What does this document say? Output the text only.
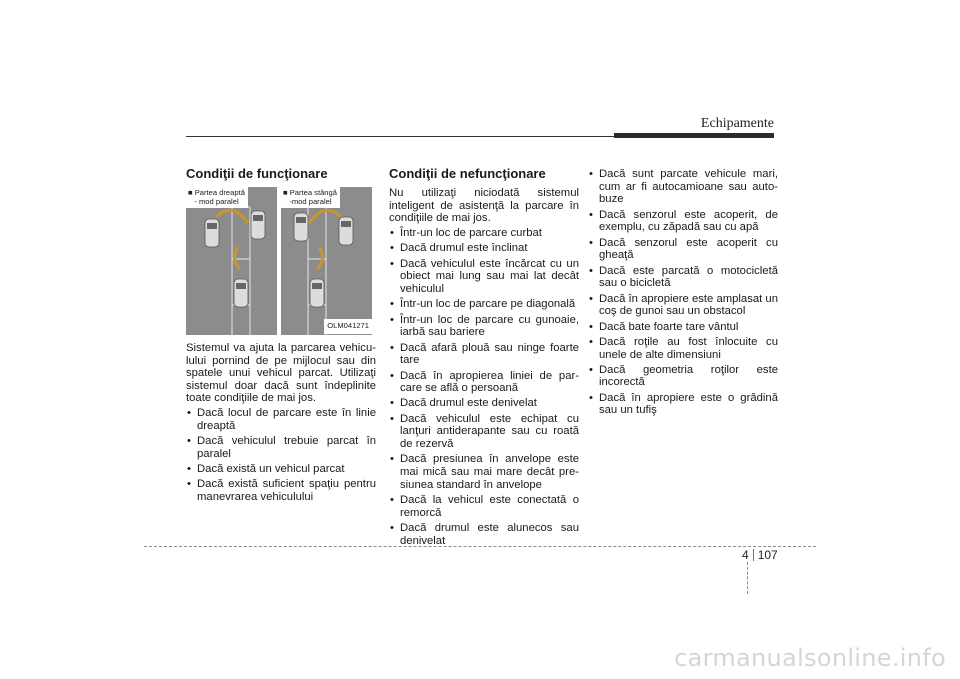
Echipamente
Condiţii de funcţionare
■ Partea dreaptă
- mod paralel
■ Partea stângă
-mod paralel
OLM041271

Sistemul va ajuta la parcarea vehicu-lului pornind de pe mijlocul sau din spatele unui vehicul parcat. Utilizaţi sistemul doar dacă sunt îndeplinite toate condiţiile de mai jos.

• Dacă locul de parcare este în linie dreaptă
• Dacă vehiculul trebuie parcat în paralel
• Dacă există un vehicul parcat
• Dacă există suficient spaţiu pentru manevrarea vehiculului
Condiţii de nefuncţionare

Nu utilizaţi niciodată sistemul inteligent de asistenţă la parcare în condiţiile de mai jos.

• Într-un loc de parcare curbat
• Dacă drumul este înclinat
• Dacă vehiculul este încărcat cu un obiect mai lung sau mai lat decât vehiculul
• Într-un loc de parcare pe diagonală
• Într-un loc de parcare cu gunoaie, iarbă sau bariere
• Dacă afară plouă sau ninge foarte tare
• Dacă în apropierea liniei de par-care se află o persoană
• Dacă drumul este denivelat
• Dacă vehiculul este echipat cu lanţuri antiderapante sau cu roată de rezervă
• Dacă presiunea în anvelope este mai mică sau mai mare decât pre-siunea standard în anvelope
• Dacă la vehicul este conectată o remorcă
• Dacă drumul este alunecos sau denivelat
• Dacă sunt parcate vehicule mari, cum ar fi autocamioane sau auto-buze
• Dacă senzorul este acoperit, de exemplu, cu zăpadă sau cu apă
• Dacă senzorul este acoperit cu gheaţă
• Dacă este parcată o motocicletă sau o bicicletă
• Dacă în apropiere este amplasat un coş de gunoi sau un obstacol
• Dacă bate foarte tare vântul
• Dacă roţile au fost înlocuite cu unele de alte dimensiuni
• Dacă geometria roţilor este incorectă
• Dacă în apropiere este o grădină sau un tufiş
4 107
carmanualsonline.info
